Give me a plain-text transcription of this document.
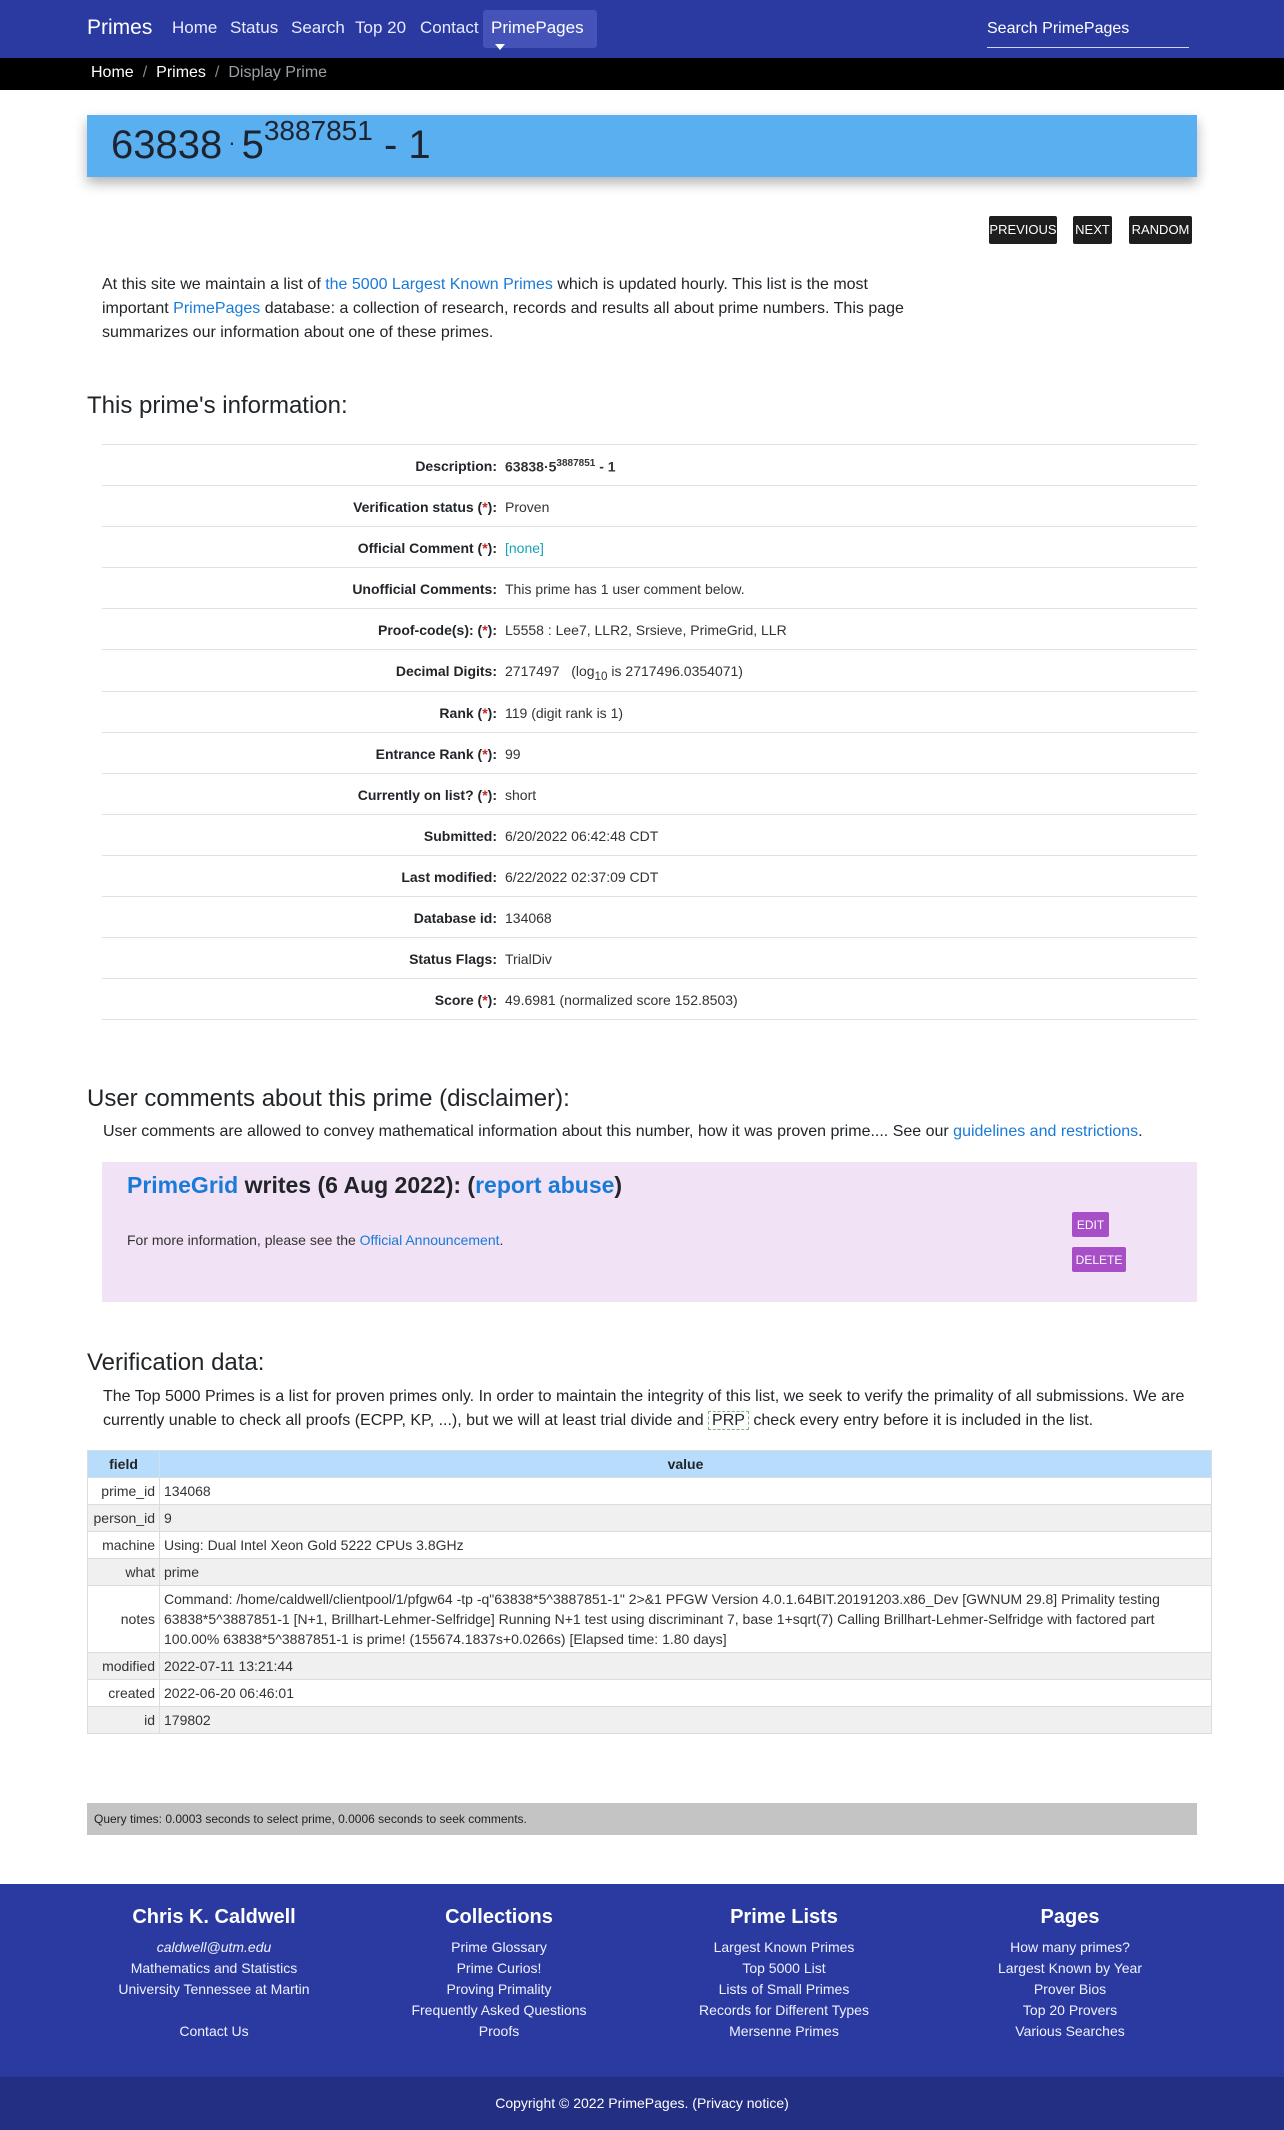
Primes Home Status Search Top 20 Contact PrimePages	Search PrimePages
Home / Primes / Display Prime
63838 · $5^{3887851} - 1$
PREVIOUS NEXT RANDOM
At this site we maintain a list of the 5000 Largest Known Primes which is updated hourly. This list is the most important PrimePages database: a collection of research, records and results all about prime numbers. This page summarizes our information about one of these primes.
This prime's information:
Description: $63838\cdot 5^{3887851} - 1$
Verification status (*): Proven
Official Comment (*): [none]
Unofficial Comments: This prime has 1 user comment below.
Proof-code(s): (*): L5558 : Lee7, LLR2, Srsieve, PrimeGrid, LLR
Decimal Digits: 2717497 ($\log_{10}$ is 2717496.0354071)
Rank (*): 119 (digit rank is 1)
Entrance Rank (*): 99
Currently on list? (*): short
Submitted: 6/20/2022 06:42:48 CDT
Last modified: 6/22/2022 02:37:09 CDT
Database id: 134068
Status Flags: TrialDiv
Score (*): 49.6981 (normalized score 152.8503)
User comments about this prime (disclaimer):
User comments are allowed to convey mathematical information about this number, how it was proven prime.... See our guidelines and restrictions.
PrimeGrid writes (6 Aug 2022): (report abuse)
For more information, please see the Official Announcement.
EDIT
DELETE
Verification data:
The Top 5000 Primes is a list for proven primes only. In order to maintain the integrity of this list, we seek to verify the primality of all submissions. We are currently unable to check all proofs (ECPP, KP, ...), but we will at least trial divide and PRP check every entry before it is included in the list.
field	value
prime_id	134068
person_id	9
machine	Using: Dual Intel Xeon Gold 5222 CPUs 3.8GHz
what	prime
notes	Command: /home/caldwell/clientpool/1/pfgw64 -tp -q"63838*5^3887851-1" 2>&1 PFGW Version 4.0.1.64BIT.20191203.x86_Dev [GWNUM 29.8] Primality testing 63838*5^3887851-1 [N+1, Brillhart-Lehmer-Selfridge] Running N+1 test using discriminant 7, base 1+sqrt(7) Calling Brillhart-Lehmer-Selfridge with factored part 100.00% 63838*5^3887851-1 is prime! (155674.1837s+0.0266s) [Elapsed time: 1.80 days]
modified	2022-07-11 13:21:44
created	2022-06-20 06:46:01
id	179802
Query times: 0.0003 seconds to select prime, 0.0006 seconds to seek comments.
Chris K. Caldwell
caldwell@utm.edu
Mathematics and Statistics
University Tennessee at Martin

Contact Us
Collections
Prime Glossary
Prime Curios!
Proving Primality
Frequently Asked Questions
Proofs
Prime Lists
Largest Known Primes
Top 5000 List
Lists of Small Primes
Records for Different Types
Mersenne Primes
Pages
How many primes?
Largest Known by Year
Prover Bios
Top 20 Provers
Various Searches
Copyright © 2022 PrimePages. (Privacy notice)
